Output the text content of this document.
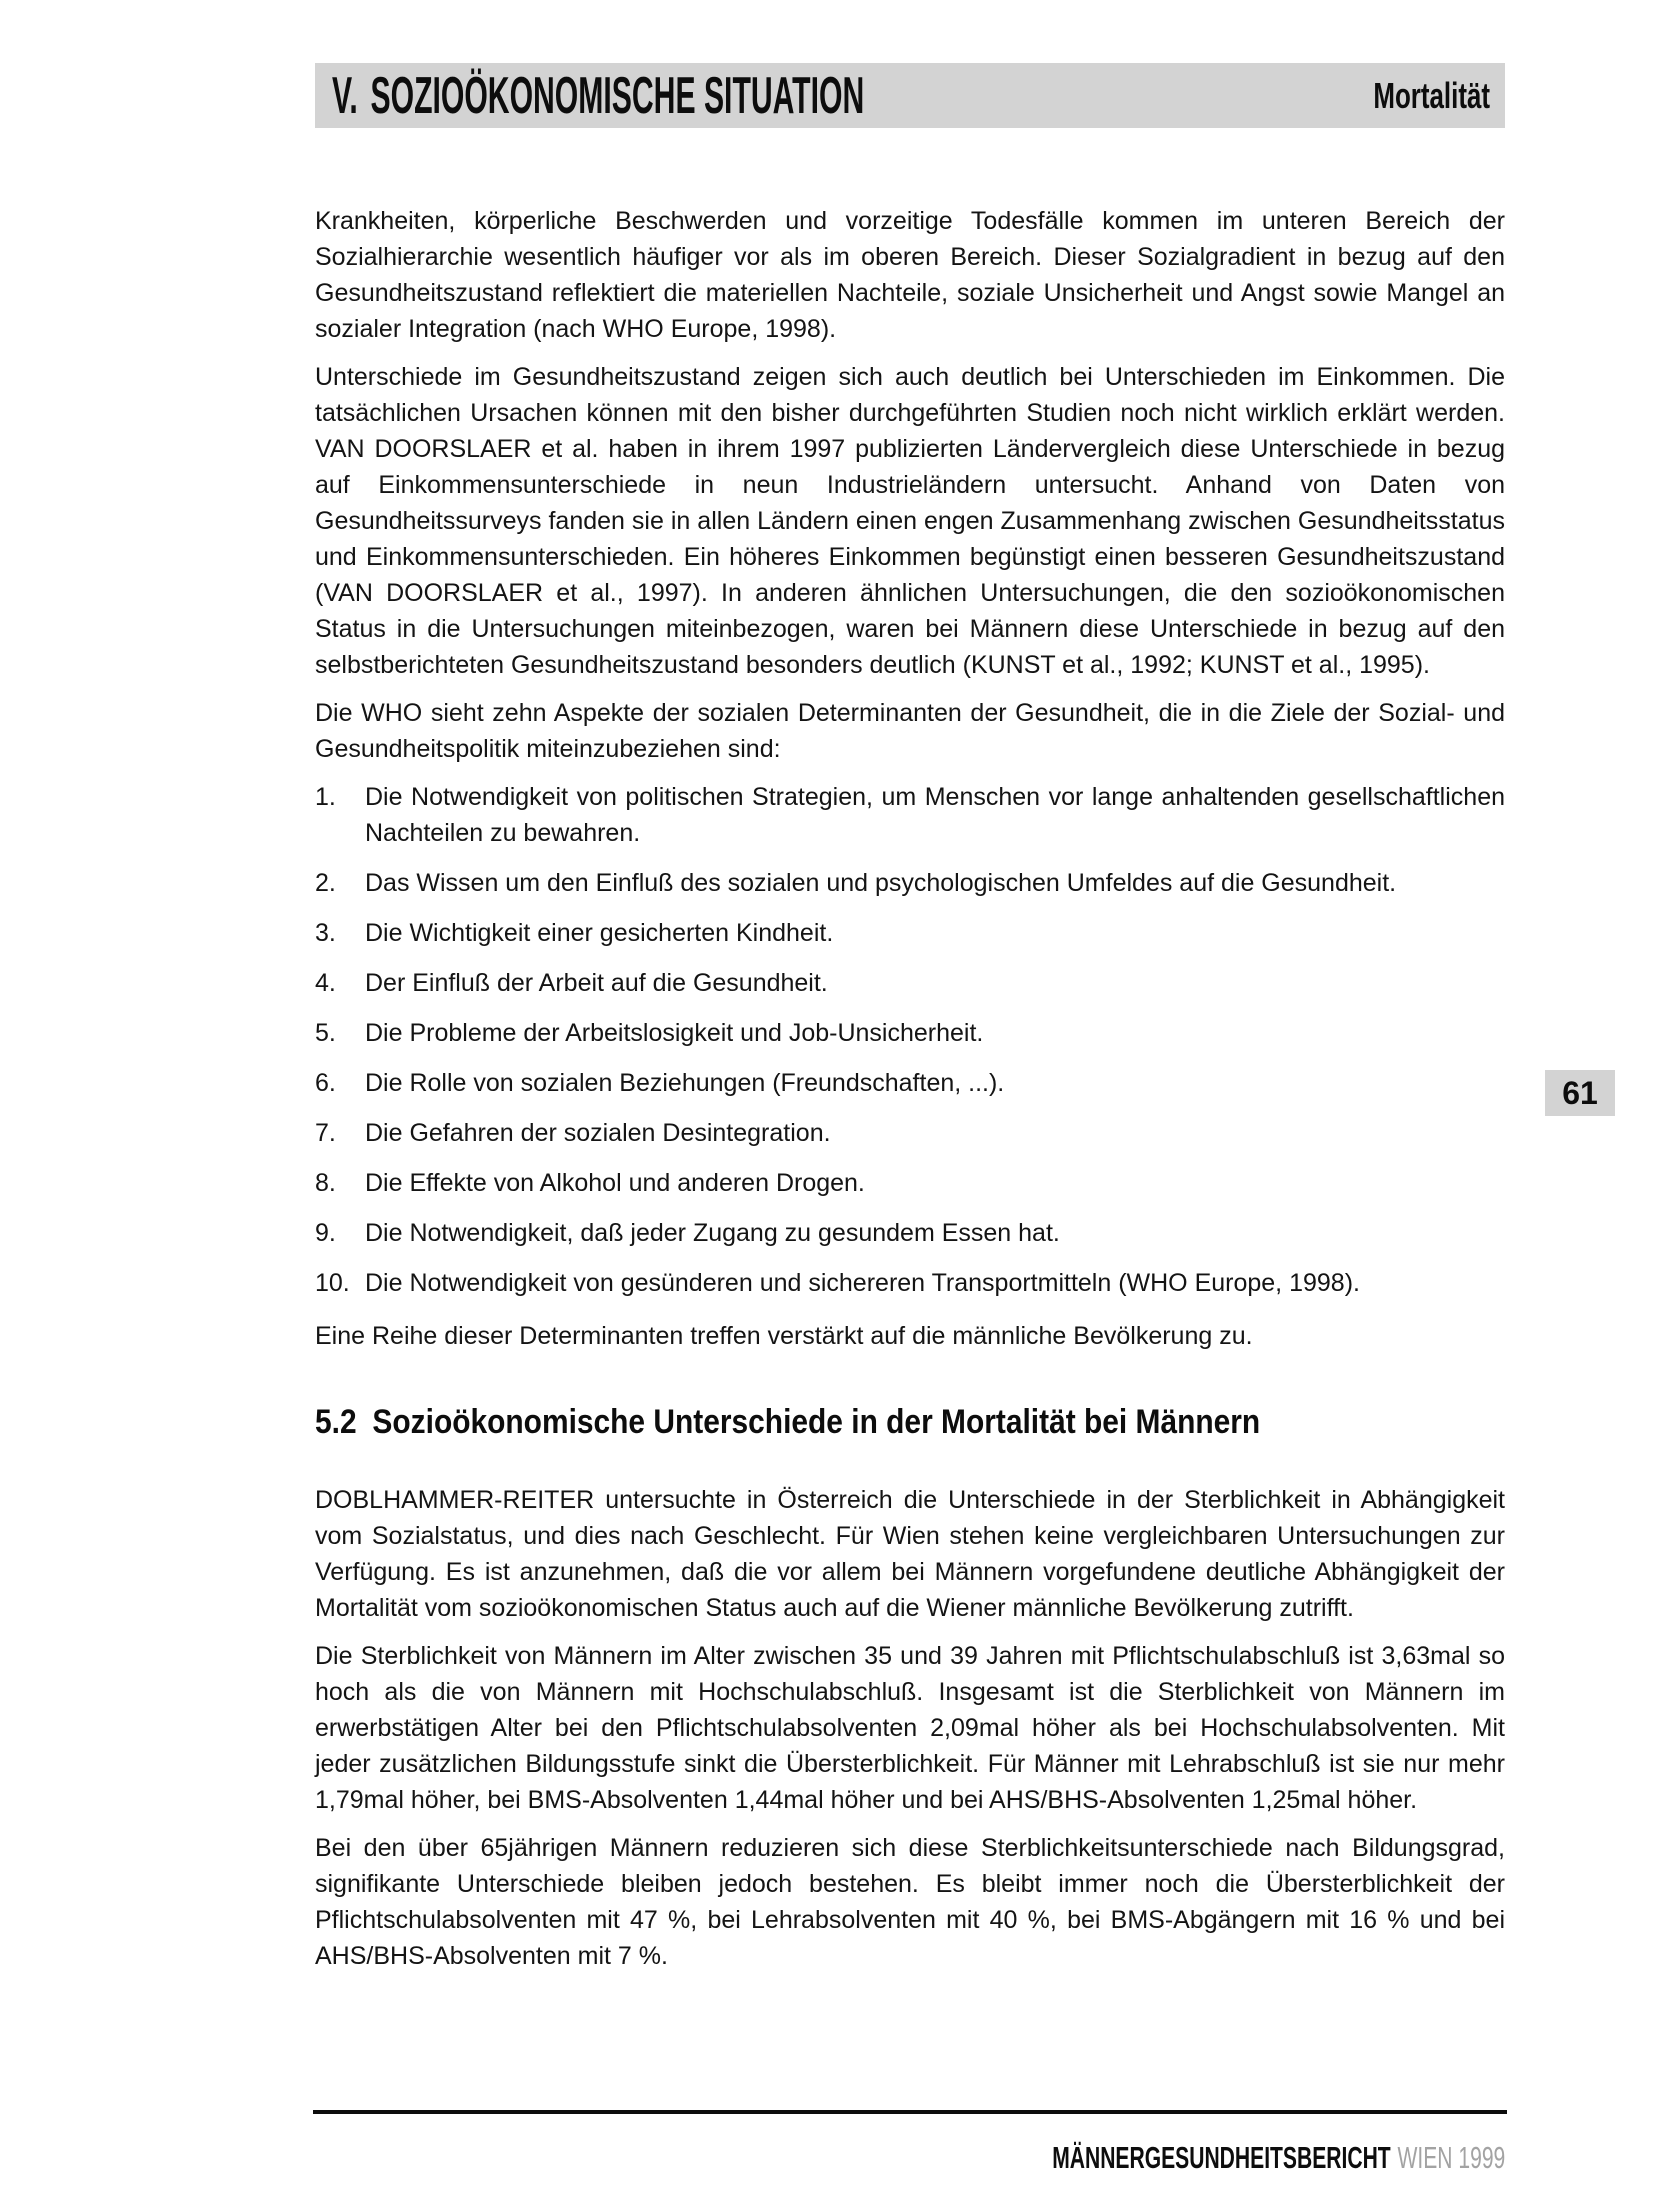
V. SOZIOÖKONOMISCHE SITUATION	Mortalität

Krankheiten, körperliche Beschwerden und vorzeitige Todesfälle kommen im unteren Bereich der Sozialhierarchie wesentlich häufiger vor als im oberen Bereich. Dieser Sozialgradient in bezug auf den Gesundheitszustand reflektiert die materiellen Nachteile, soziale Unsicherheit und Angst sowie Mangel an sozialer Integration (nach WHO Europe, 1998).

Unterschiede im Gesundheitszustand zeigen sich auch deutlich bei Unterschieden im Einkommen. Die tatsächlichen Ursachen können mit den bisher durchgeführten Studien noch nicht wirklich erklärt werden. VAN DOORSLAER et al. haben in ihrem 1997 publizierten Ländervergleich diese Unterschiede in bezug auf Einkommensunterschiede in neun Industrieländern untersucht. Anhand von Daten von Gesundheitssurveys fanden sie in allen Ländern einen engen Zusammenhang zwischen Gesundheitsstatus und Einkommensunterschieden. Ein höheres Einkommen begünstigt einen besseren Gesundheitszustand (VAN DOORSLAER et al., 1997). In anderen ähnlichen Untersuchungen, die den sozioökonomischen Status in die Untersuchungen miteinbezogen, waren bei Männern diese Unterschiede in bezug auf den selbstberichteten Gesundheitszustand besonders deutlich (KUNST et al., 1992; KUNST et al., 1995).

Die WHO sieht zehn Aspekte der sozialen Determinanten der Gesundheit, die in die Ziele der Sozial- und Gesundheitspolitik miteinzubeziehen sind:

1.	Die Notwendigkeit von politischen Strategien, um Menschen vor lange anhaltenden gesellschaftlichen Nachteilen zu bewahren.
2.	Das Wissen um den Einfluß des sozialen und psychologischen Umfeldes auf die Gesundheit.
3.	Die Wichtigkeit einer gesicherten Kindheit.
4.	Der Einfluß der Arbeit auf die Gesundheit.
5.	Die Probleme der Arbeitslosigkeit und Job-Unsicherheit.
6.	Die Rolle von sozialen Beziehungen (Freundschaften, ...).
7.	Die Gefahren der sozialen Desintegration.
8.	Die Effekte von Alkohol und anderen Drogen.
9.	Die Notwendigkeit, daß jeder Zugang zu gesundem Essen hat.
10. Die Notwendigkeit von gesünderen und sichereren Transportmitteln (WHO Europe, 1998).

Eine Reihe dieser Determinanten treffen verstärkt auf die männliche Bevölkerung zu.

5.2 Sozioökonomische Unterschiede in der Mortalität bei Männern

DOBLHAMMER-REITER untersuchte in Österreich die Unterschiede in der Sterblichkeit in Abhängigkeit vom Sozialstatus, und dies nach Geschlecht. Für Wien stehen keine vergleichbaren Untersuchungen zur Verfügung. Es ist anzunehmen, daß die vor allem bei Männern vorgefundene deutliche Abhängigkeit der Mortalität vom sozioökonomischen Status auch auf die Wiener männliche Bevölkerung zutrifft.

Die Sterblichkeit von Männern im Alter zwischen 35 und 39 Jahren mit Pflichtschulabschluß ist 3,63mal so hoch als die von Männern mit Hochschulabschluß. Insgesamt ist die Sterblichkeit von Männern im erwerbstätigen Alter bei den Pflichtschulabsolventen 2,09mal höher als bei Hochschulabsolventen. Mit jeder zusätzlichen Bildungsstufe sinkt die Übersterblichkeit. Für Männer mit Lehrabschluß ist sie nur mehr 1,79mal höher, bei BMS-Absolventen 1,44mal höher und bei AHS/BHS-Absolventen 1,25mal höher.

Bei den über 65jährigen Männern reduzieren sich diese Sterblichkeitsunterschiede nach Bildungsgrad, signifikante Unterschiede bleiben jedoch bestehen. Es bleibt immer noch die Übersterblichkeit der Pflichtschulabsolventen mit 47 %, bei Lehrabsolventen mit 40 %, bei BMS-Abgängern mit 16 % und bei AHS/BHS-Absolventen mit 7 %.

61
MÄNNERGESUNDHEITSBERICHT WIEN 1999
